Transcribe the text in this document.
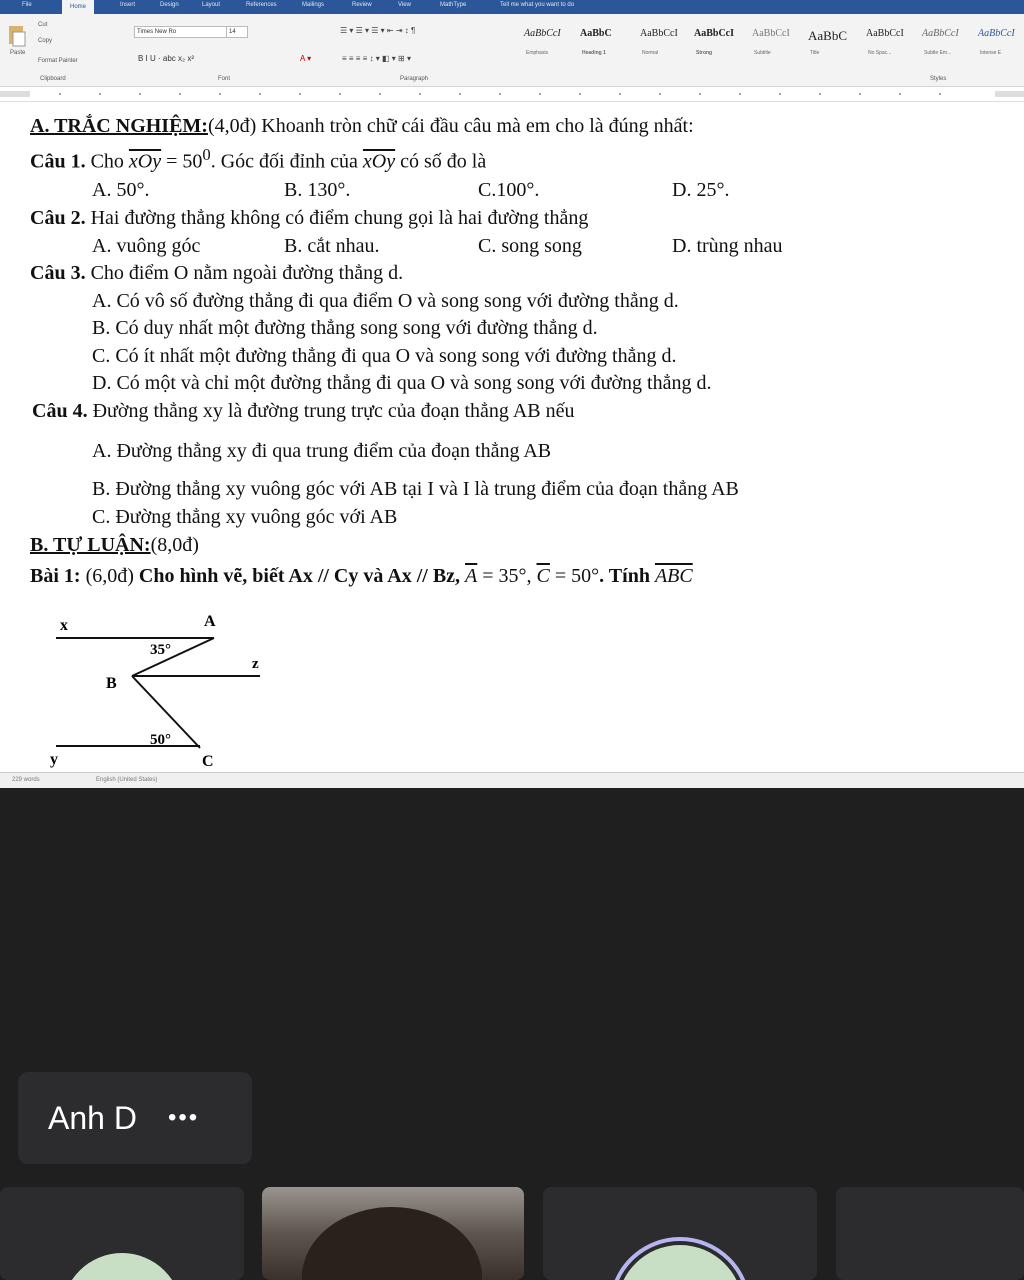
File	Home	Insert	Design	Layout	References	Mailings	Review	View	MathType	Tell me what you want to do
Paste
Cut
Copy
Format Painter
Clipboard
Times New Ro	14
B I U · abc x₂ x²	A ▾
Font
☰ ▾ ☰ ▾ ☰ ▾ ⇤ ⇥ ↕ ¶
≡ ≡ ≡ ≡ ↕ ▾ ◧ ▾ ⊞ ▾
Paragraph
AaBbCcI
Emphasis
AaBbC
Heading 1
AaBbCcI
Normal
AaBbCcI
Strong
AaBbCcI
Subtitle
AaBbC
Title
AaBbCcI
No Spac...
AaBbCcI
Subtle Em...
AaBbCcI
Intense E
Styles
A. TRẮC NGHIỆM:(4,0đ) Khoanh tròn chữ cái đầu câu mà em cho là đúng nhất:
Câu 1. Cho $\overline{xOy} = 50^0$. Góc đối đỉnh của $\overline{xOy}$ có số đo là
A. 50°.	B. 130°.	C.100°.	D. 25°.
Câu 2. Hai đường thẳng không có điểm chung gọi là hai đường thẳng
A. vuông góc	B. cắt nhau.	C. song song	D. trùng nhau
Câu 3. Cho điểm O nằm ngoài đường thẳng d.
A. Có vô số đường thẳng đi qua điểm O và song song với đường thẳng d.
B. Có duy nhất một đường thẳng song song với đường thẳng d.
C. Có ít nhất một đường thẳng đi qua O và song song với đường thẳng d.
D. Có một và chỉ một đường thẳng đi qua O và song song với đường thẳng d.
Câu 4. Đường thẳng xy là đường trung trực của đoạn thẳng AB nếu
A. Đường thẳng xy đi qua trung điểm của đoạn thẳng AB
B. Đường thẳng xy vuông góc với AB tại I và I là trung điểm của đoạn thẳng AB
C. Đường thẳng xy vuông góc với AB
B. TỰ LUẬN:(8,0đ)
Bài 1: (6,0đ) Cho hình vẽ, biết Ax // Cy và Ax // Bz, $\overline{A} = 35^\circ$, $\overline{C} = 50^\circ$. Tính $\overline{ABC}$
x	A
35°
z
B
50°
y	C
229 words	English (United States)
Anh D •••
